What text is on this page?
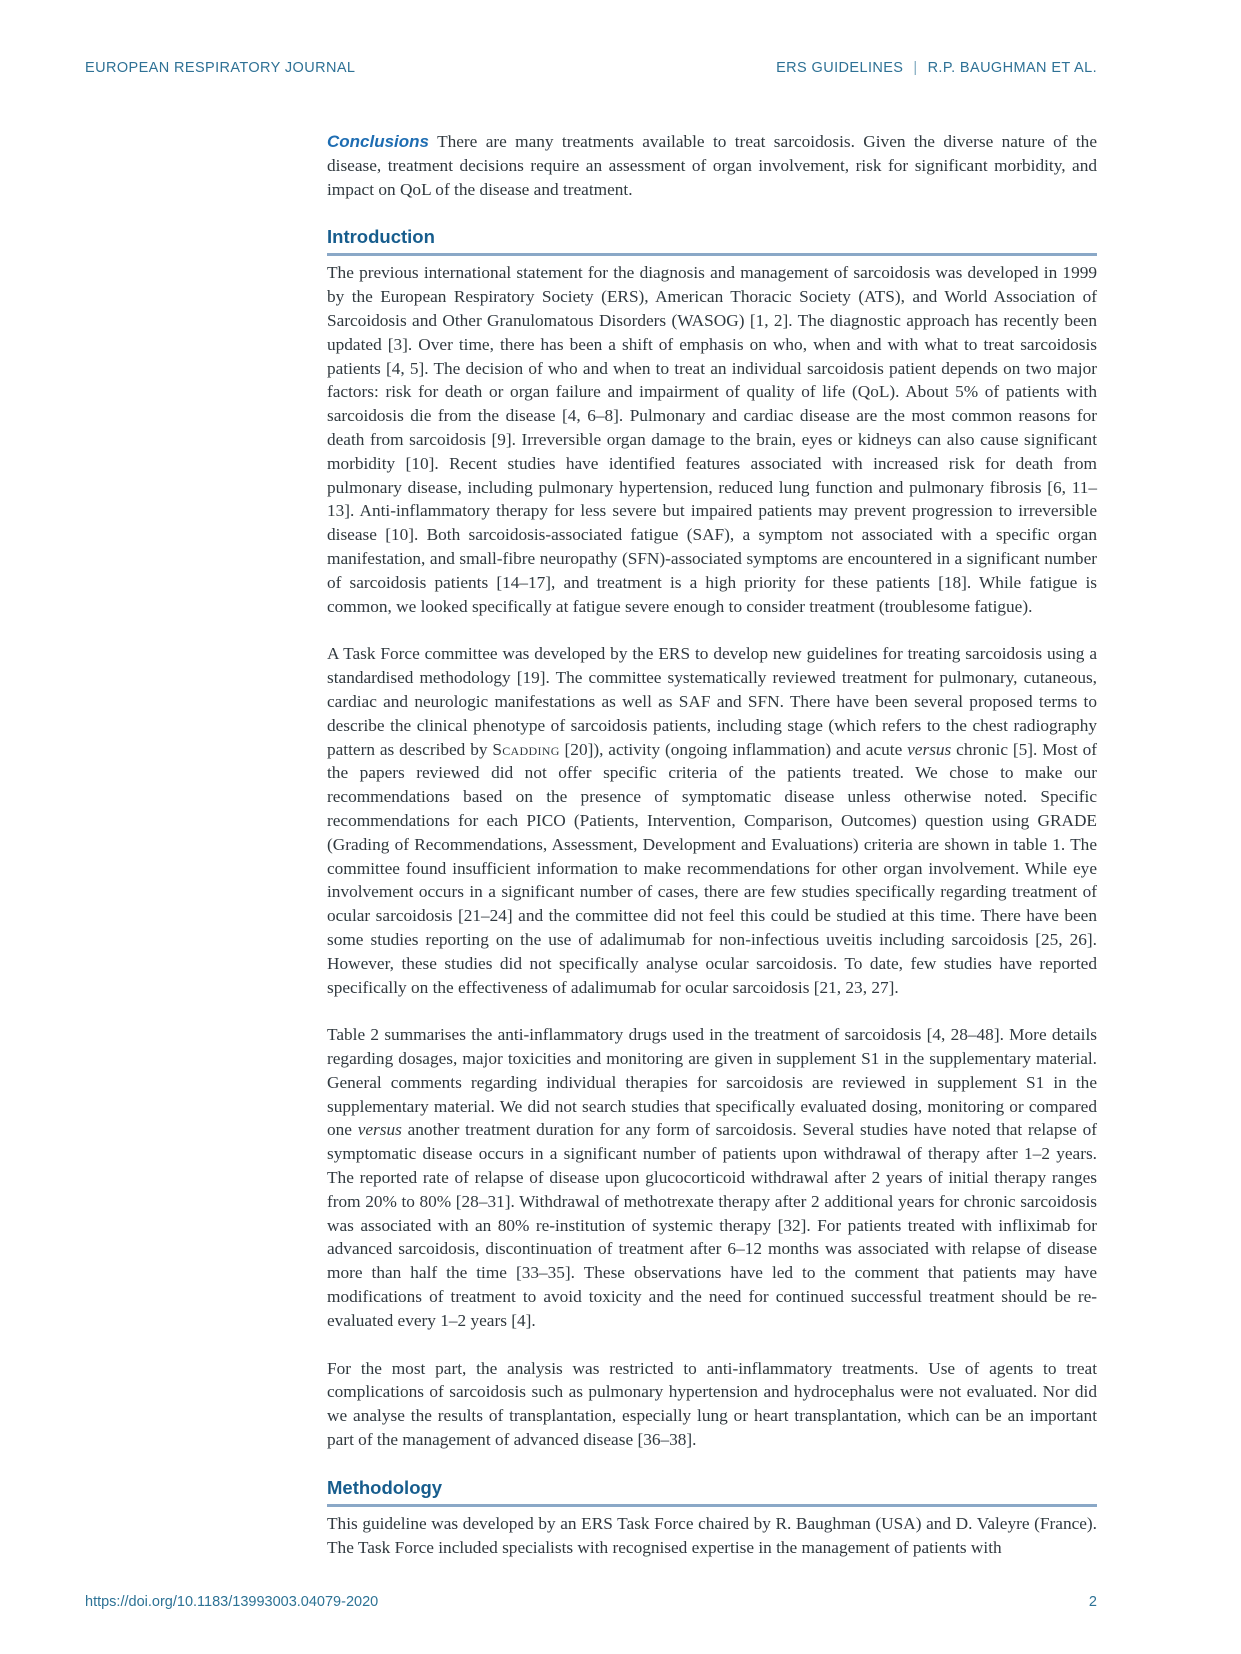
EUROPEAN RESPIRATORY JOURNAL	ERS GUIDELINES | R.P. BAUGHMAN ET AL.

Conclusions There are many treatments available to treat sarcoidosis. Given the diverse nature of the disease, treatment decisions require an assessment of organ involvement, risk for significant morbidity, and impact on QoL of the disease and treatment.

Introduction

The previous international statement for the diagnosis and management of sarcoidosis was developed in 1999 by the European Respiratory Society (ERS), American Thoracic Society (ATS), and World Association of Sarcoidosis and Other Granulomatous Disorders (WASOG) [1, 2]. The diagnostic approach has recently been updated [3]. Over time, there has been a shift of emphasis on who, when and with what to treat sarcoidosis patients [4, 5]. The decision of who and when to treat an individual sarcoidosis patient depends on two major factors: risk for death or organ failure and impairment of quality of life (QoL). About 5% of patients with sarcoidosis die from the disease [4, 6–8]. Pulmonary and cardiac disease are the most common reasons for death from sarcoidosis [9]. Irreversible organ damage to the brain, eyes or kidneys can also cause significant morbidity [10]. Recent studies have identified features associated with increased risk for death from pulmonary disease, including pulmonary hypertension, reduced lung function and pulmonary fibrosis [6, 11–13]. Anti-inflammatory therapy for less severe but impaired patients may prevent progression to irreversible disease [10]. Both sarcoidosis-associated fatigue (SAF), a symptom not associated with a specific organ manifestation, and small-fibre neuropathy (SFN)-associated symptoms are encountered in a significant number of sarcoidosis patients [14–17], and treatment is a high priority for these patients [18]. While fatigue is common, we looked specifically at fatigue severe enough to consider treatment (troublesome fatigue).

A Task Force committee was developed by the ERS to develop new guidelines for treating sarcoidosis using a standardised methodology [19]. The committee systematically reviewed treatment for pulmonary, cutaneous, cardiac and neurologic manifestations as well as SAF and SFN. There have been several proposed terms to describe the clinical phenotype of sarcoidosis patients, including stage (which refers to the chest radiography pattern as described by Scadding [20]), activity (ongoing inflammation) and acute versus chronic [5]. Most of the papers reviewed did not offer specific criteria of the patients treated. We chose to make our recommendations based on the presence of symptomatic disease unless otherwise noted. Specific recommendations for each PICO (Patients, Intervention, Comparison, Outcomes) question using GRADE (Grading of Recommendations, Assessment, Development and Evaluations) criteria are shown in table 1. The committee found insufficient information to make recommendations for other organ involvement. While eye involvement occurs in a significant number of cases, there are few studies specifically regarding treatment of ocular sarcoidosis [21–24] and the committee did not feel this could be studied at this time. There have been some studies reporting on the use of adalimumab for non-infectious uveitis including sarcoidosis [25, 26]. However, these studies did not specifically analyse ocular sarcoidosis. To date, few studies have reported specifically on the effectiveness of adalimumab for ocular sarcoidosis [21, 23, 27].

Table 2 summarises the anti-inflammatory drugs used in the treatment of sarcoidosis [4, 28–48]. More details regarding dosages, major toxicities and monitoring are given in supplement S1 in the supplementary material. General comments regarding individual therapies for sarcoidosis are reviewed in supplement S1 in the supplementary material. We did not search studies that specifically evaluated dosing, monitoring or compared one versus another treatment duration for any form of sarcoidosis. Several studies have noted that relapse of symptomatic disease occurs in a significant number of patients upon withdrawal of therapy after 1–2 years. The reported rate of relapse of disease upon glucocorticoid withdrawal after 2 years of initial therapy ranges from 20% to 80% [28–31]. Withdrawal of methotrexate therapy after 2 additional years for chronic sarcoidosis was associated with an 80% re-institution of systemic therapy [32]. For patients treated with infliximab for advanced sarcoidosis, discontinuation of treatment after 6–12 months was associated with relapse of disease more than half the time [33–35]. These observations have led to the comment that patients may have modifications of treatment to avoid toxicity and the need for continued successful treatment should be re-evaluated every 1–2 years [4].

For the most part, the analysis was restricted to anti-inflammatory treatments. Use of agents to treat complications of sarcoidosis such as pulmonary hypertension and hydrocephalus were not evaluated. Nor did we analyse the results of transplantation, especially lung or heart transplantation, which can be an important part of the management of advanced disease [36–38].

Methodology

This guideline was developed by an ERS Task Force chaired by R. Baughman (USA) and D. Valeyre (France). The Task Force included specialists with recognised expertise in the management of patients with

https://doi.org/10.1183/13993003.04079-2020	2
